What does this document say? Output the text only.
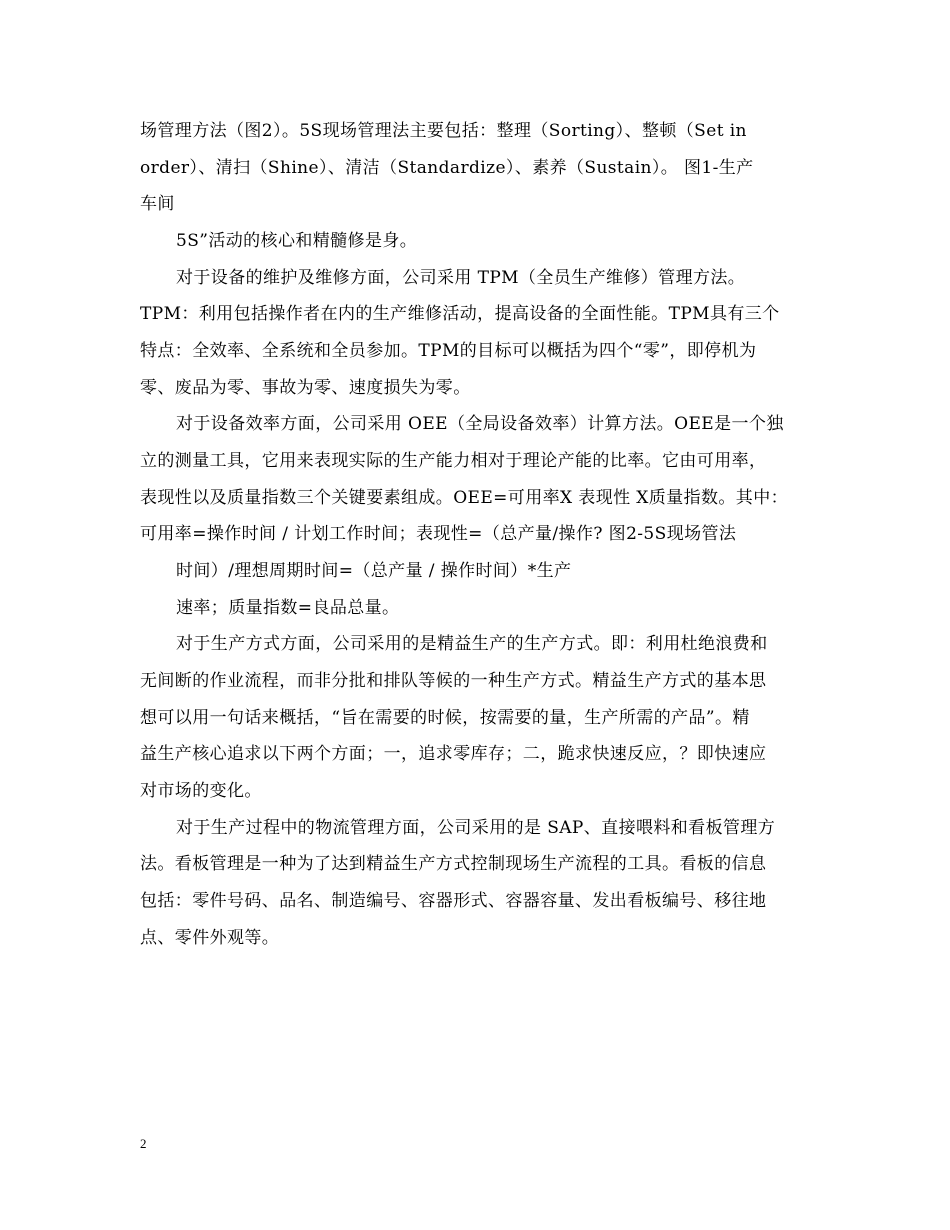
场管理方法（图2）。5S现场管理法主要包括：整理（Sorting）、整顿（Set in
order）、清扫（Shine）、清洁（Standardize）、素养（Sustain）。 图1-生产
车间
5S”活动的核心和精髓修是身。
对于设备的维护及维修方面，公司采用 TPM（全员生产维修）管理方法。
TPM：利用包括操作者在内的生产维修活动，提高设备的全面性能。TPM具有三个
特点：全效率、全系统和全员参加。TPM的目标可以概括为四个“零”，即停机为
零、废品为零、事故为零、速度损失为零。
对于设备效率方面，公司采用 OEE（全局设备效率）计算方法。OEE是一个独
立的测量工具，它用来表现实际的生产能力相对于理论产能的比率。它由可用率，
表现性以及质量指数三个关键要素组成。OEE=可用率X 表现性 X质量指数。其中：
可用率=操作时间 / 计划工作时间；表现性=（总产量/操作? 图2-5S现场管法
时间）/理想周期时间=（总产量 / 操作时间）*生产
速率；质量指数=良品总量。
对于生产方式方面，公司采用的是精益生产的生产方式。即：利用杜绝浪费和
无间断的作业流程，而非分批和排队等候的一种生产方式。精益生产方式的基本思
想可以用一句话来概括，“旨在需要的时候，按需要的量，生产所需的产品”。精
益生产核心追求以下两个方面；一，追求零库存；二，跪求快速反应，？即快速应
对市场的变化。
对于生产过程中的物流管理方面，公司采用的是 SAP、直接喂料和看板管理方
法。看板管理是一种为了达到精益生产方式控制现场生产流程的工具。看板的信息
包括：零件号码、品名、制造编号、容器形式、容器容量、发出看板编号、移往地
点、零件外观等。
2
